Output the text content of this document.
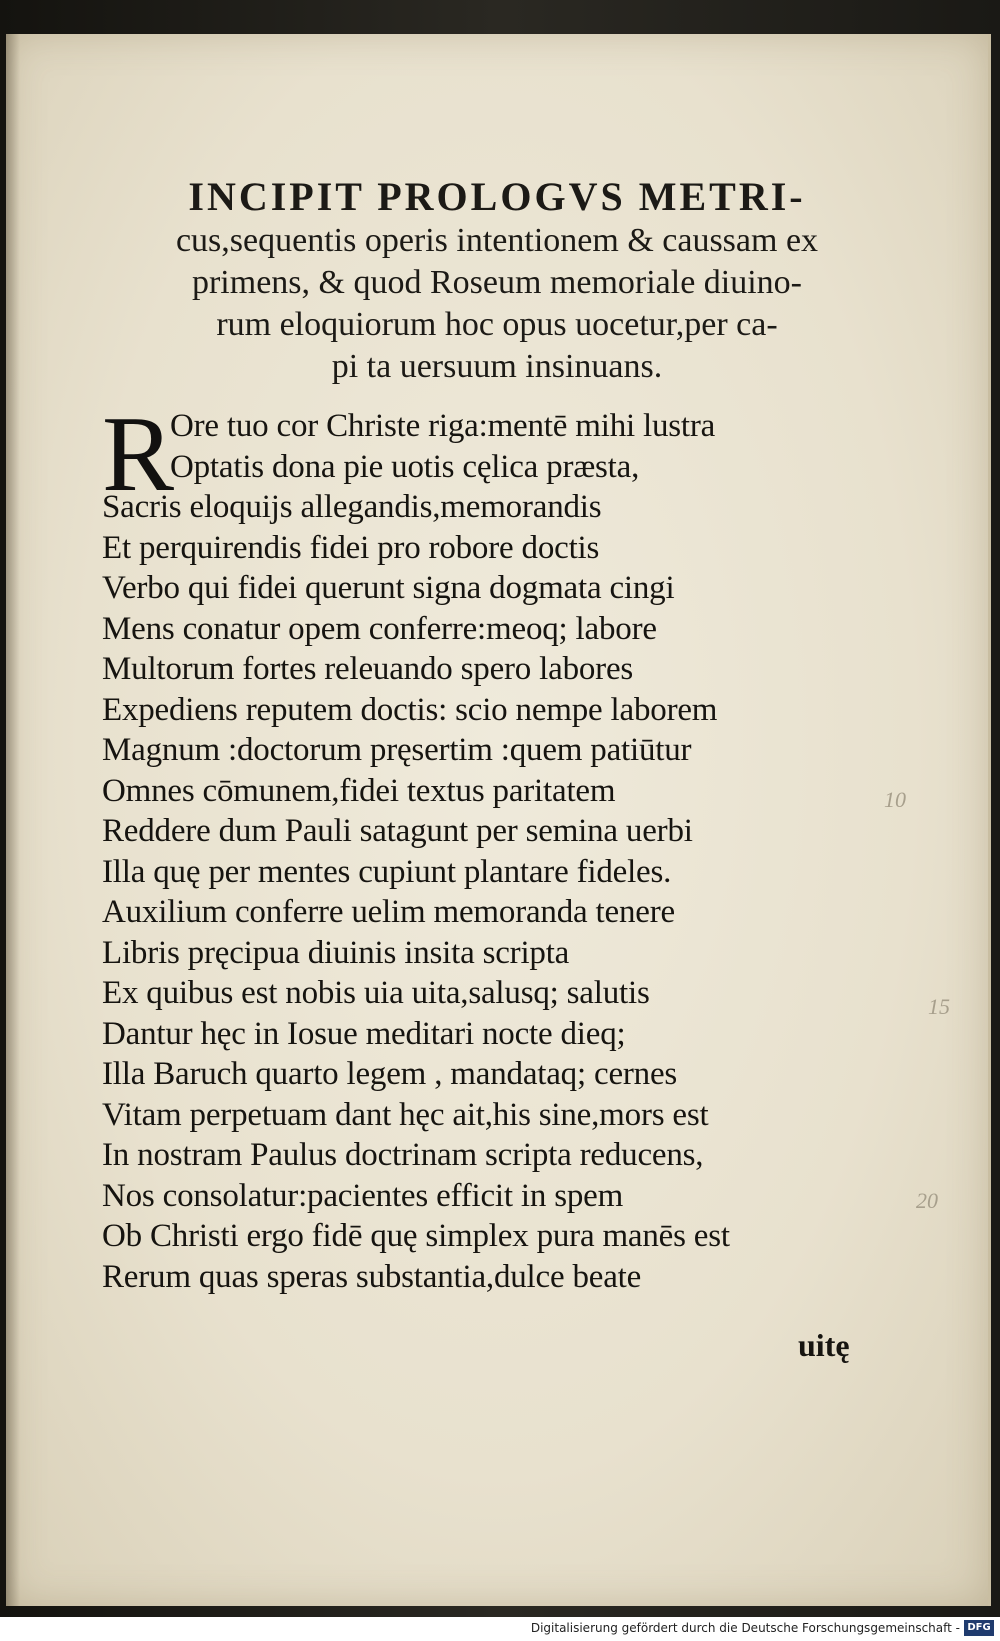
INCIPIT PROLOGVS METRI-
cus,sequentis operis intentionem & caussam ex
primens, & quod Roseum memoriale diuino-
rum eloquiorum hoc opus uocetur,per ca-
pi ta uersuum insinuans.
R
Ore tuo cor Christe riga:mentē mihi lustra
Optatis dona pie uotis cęlica præsta,
Sacris eloquijs allegandis,memorandis
Et perquirendis fidei pro robore doctis
Verbo qui fidei querunt signa dogmata cingi
Mens conatur opem conferre:meoq; labore
Multorum fortes releuando spero labores
Expediens reputem doctis: scio nempe laborem
Magnum :doctorum pręsertim :quem patiūtur
Omnes cōmunem,fidei textus paritatem
Reddere dum Pauli satagunt per semina uerbi
Illa quę per mentes cupiunt plantare fideles.
Auxilium conferre uelim memoranda tenere
Libris pręcipua diuinis insita scripta
Ex quibus est nobis uia uita,salusq; salutis
Dantur hęc in Iosue meditari nocte dieq;
Illa Baruch quarto legem , mandataq; cernes
Vitam perpetuam dant hęc ait,his sine,mors est
In nostram Paulus doctrinam scripta reducens,
Nos consolatur:pacientes efficit in spem
Ob Christi ergo fidē quę simplex pura manēs est
Rerum quas speras substantia,dulce beate
uitę
10
15
20
Digitalisierung gefördert durch die Deutsche Forschungsgemeinschaft - DFG
